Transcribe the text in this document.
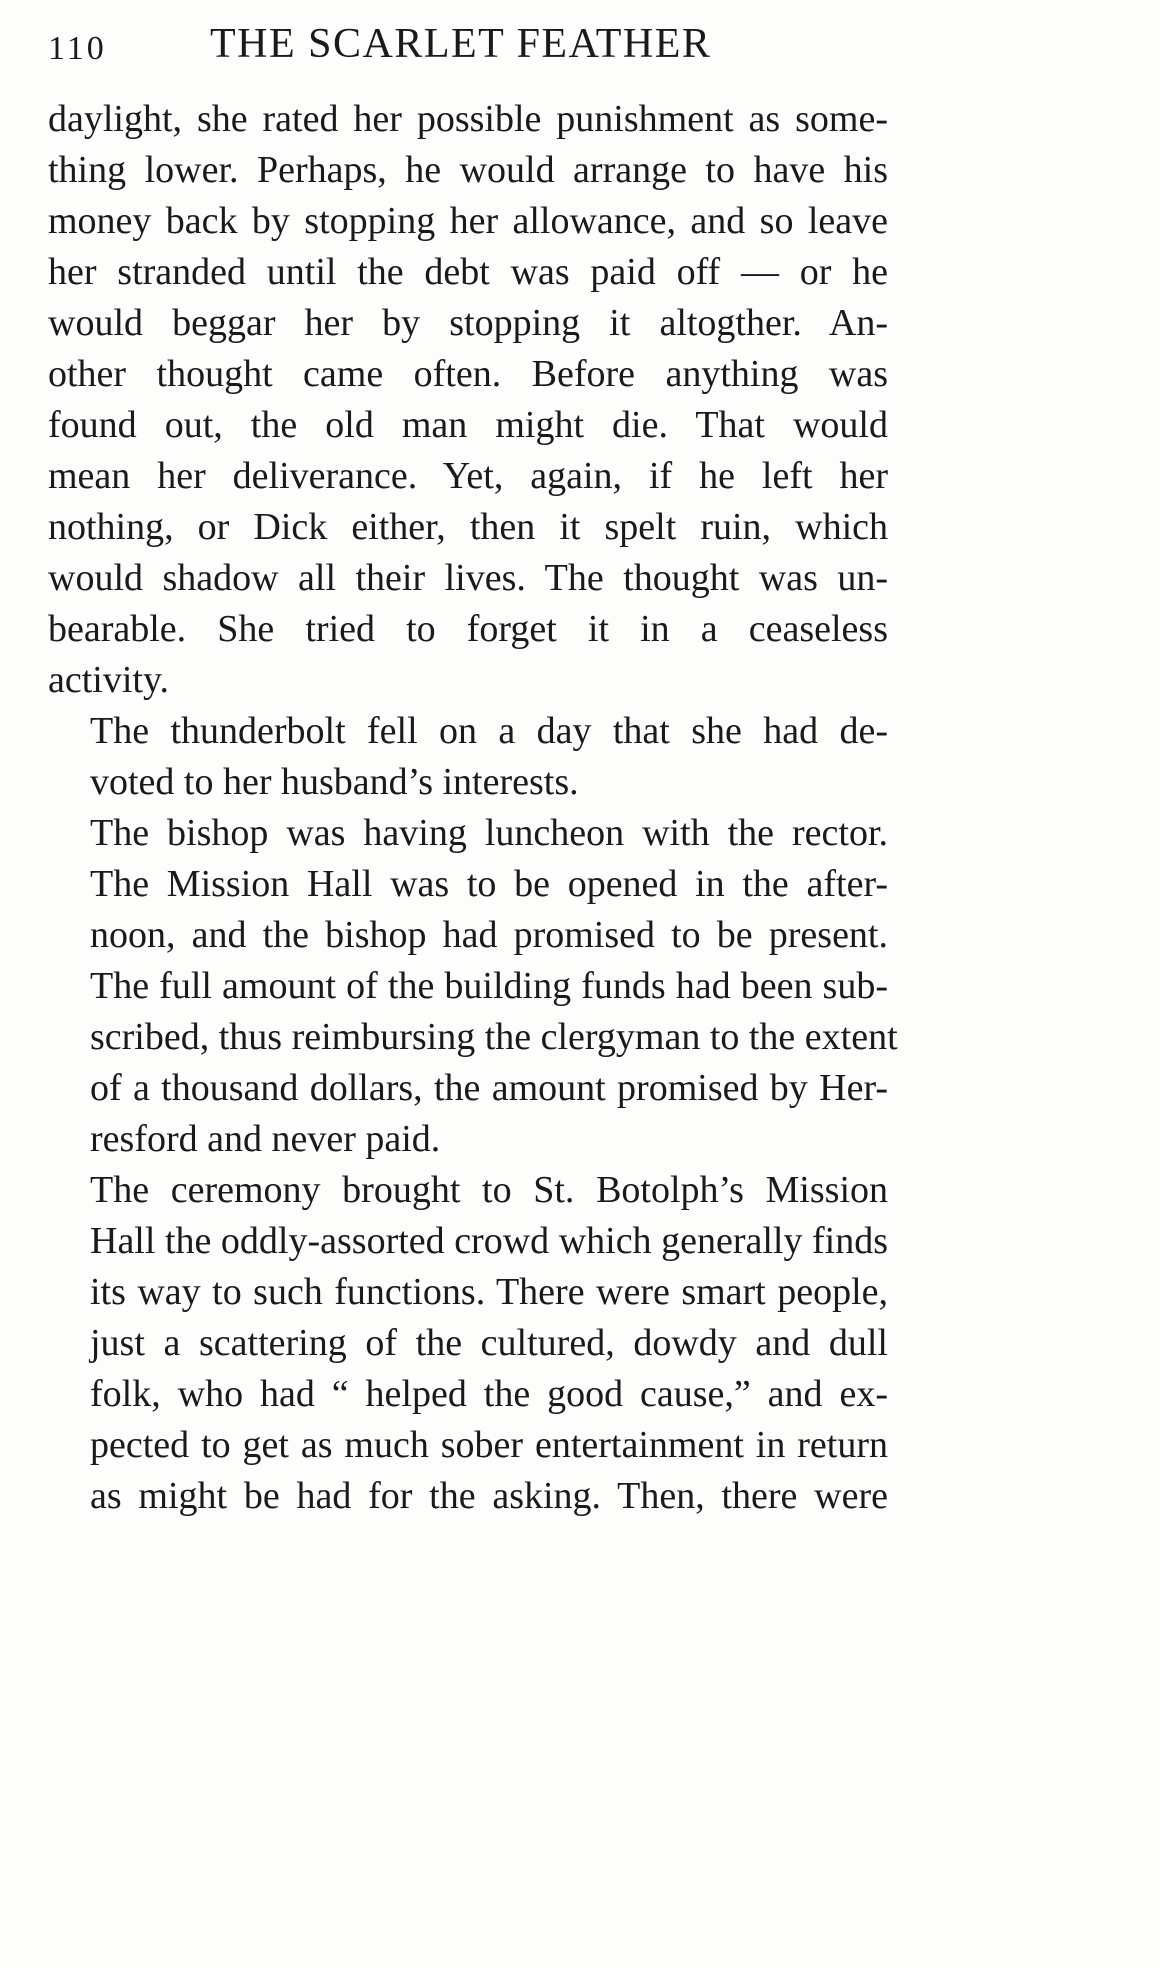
110 THE SCARLET FEATHER
daylight, she rated her possible punishment as some-
thing lower. Perhaps, he would arrange to have his
money back by stopping her allowance, and so leave
her stranded until the debt was paid off — or he
would beggar her by stopping it altogther. An-
other thought came often. Before anything was
found out, the old man might die. That would
mean her deliverance. Yet, again, if he left her
nothing, or Dick either, then it spelt ruin, which
would shadow all their lives. The thought was un-
bearable. She tried to forget it in a ceaseless
activity.
The thunderbolt fell on a day that she had de-
voted to her husband’s interests.
The bishop was having luncheon with the rector.
The Mission Hall was to be opened in the after-
noon, and the bishop had promised to be present.
The full amount of the building funds had been sub-
scribed, thus reimbursing the clergyman to the extent
of a thousand dollars, the amount promised by Her-
resford and never paid.
The ceremony brought to St. Botolph’s Mission
Hall the oddly-assorted crowd which generally finds
its way to such functions. There were smart people,
just a scattering of the cultured, dowdy and dull
folk, who had “ helped the good cause,” and ex-
pected to get as much sober entertainment in return
as might be had for the asking. Then, there were
